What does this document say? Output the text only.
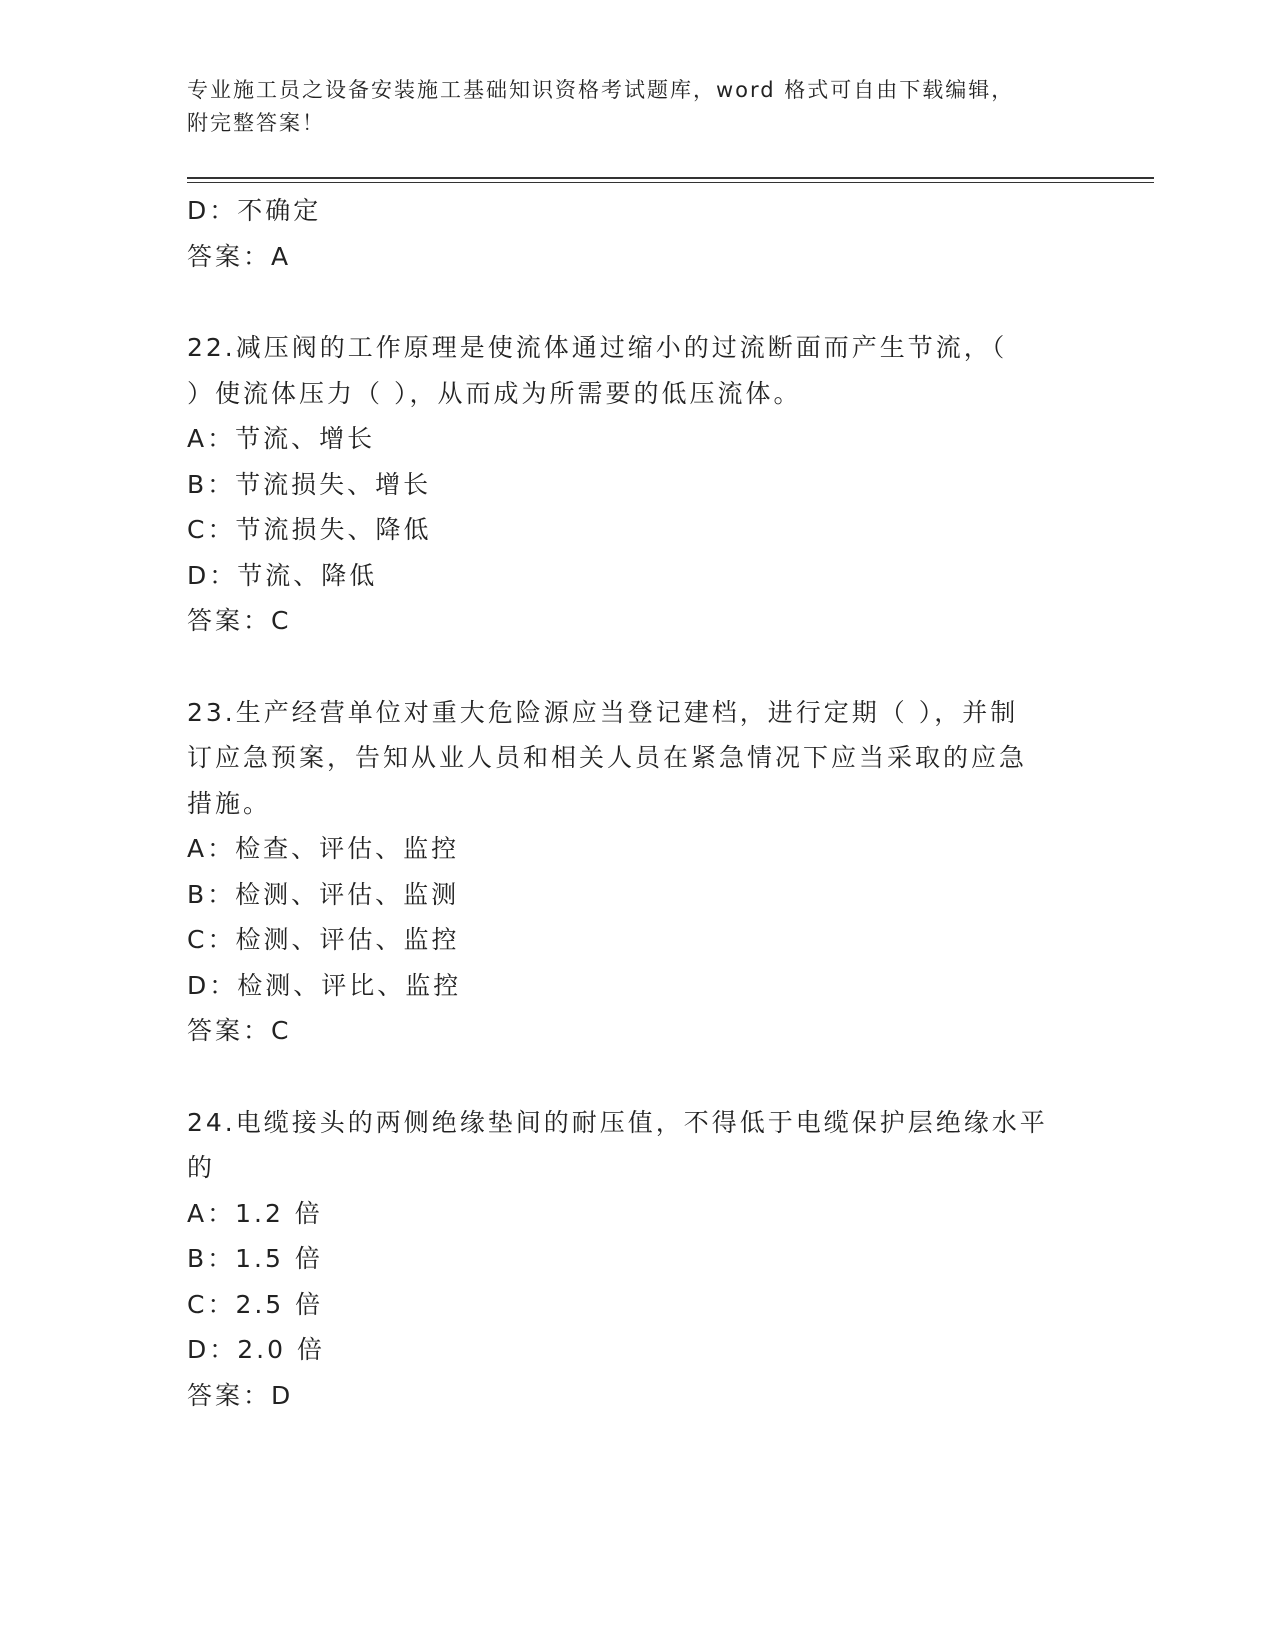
专业施工员之设备安装施工基础知识资格考试题库，word 格式可自由下载编辑，
附完整答案！
D：不确定
答案：A
22.减压阀的工作原理是使流体通过缩小的过流断面而产生节流，（
）使流体压力（ ），从而成为所需要的低压流体。
A：节流、增长
B：节流损失、增长
C：节流损失、降低
D：节流、降低
答案：C
23.生产经营单位对重大危险源应当登记建档，进行定期（ ），并制
订应急预案，告知从业人员和相关人员在紧急情况下应当采取的应急
措施。
A：检查、评估、监控
B：检测、评估、监测
C：检测、评估、监控
D：检测、评比、监控
答案：C
24.电缆接头的两侧绝缘垫间的耐压值，不得低于电缆保护层绝缘水平
的
A：1.2 倍
B：1.5 倍
C：2.5 倍
D：2.0 倍
答案：D
